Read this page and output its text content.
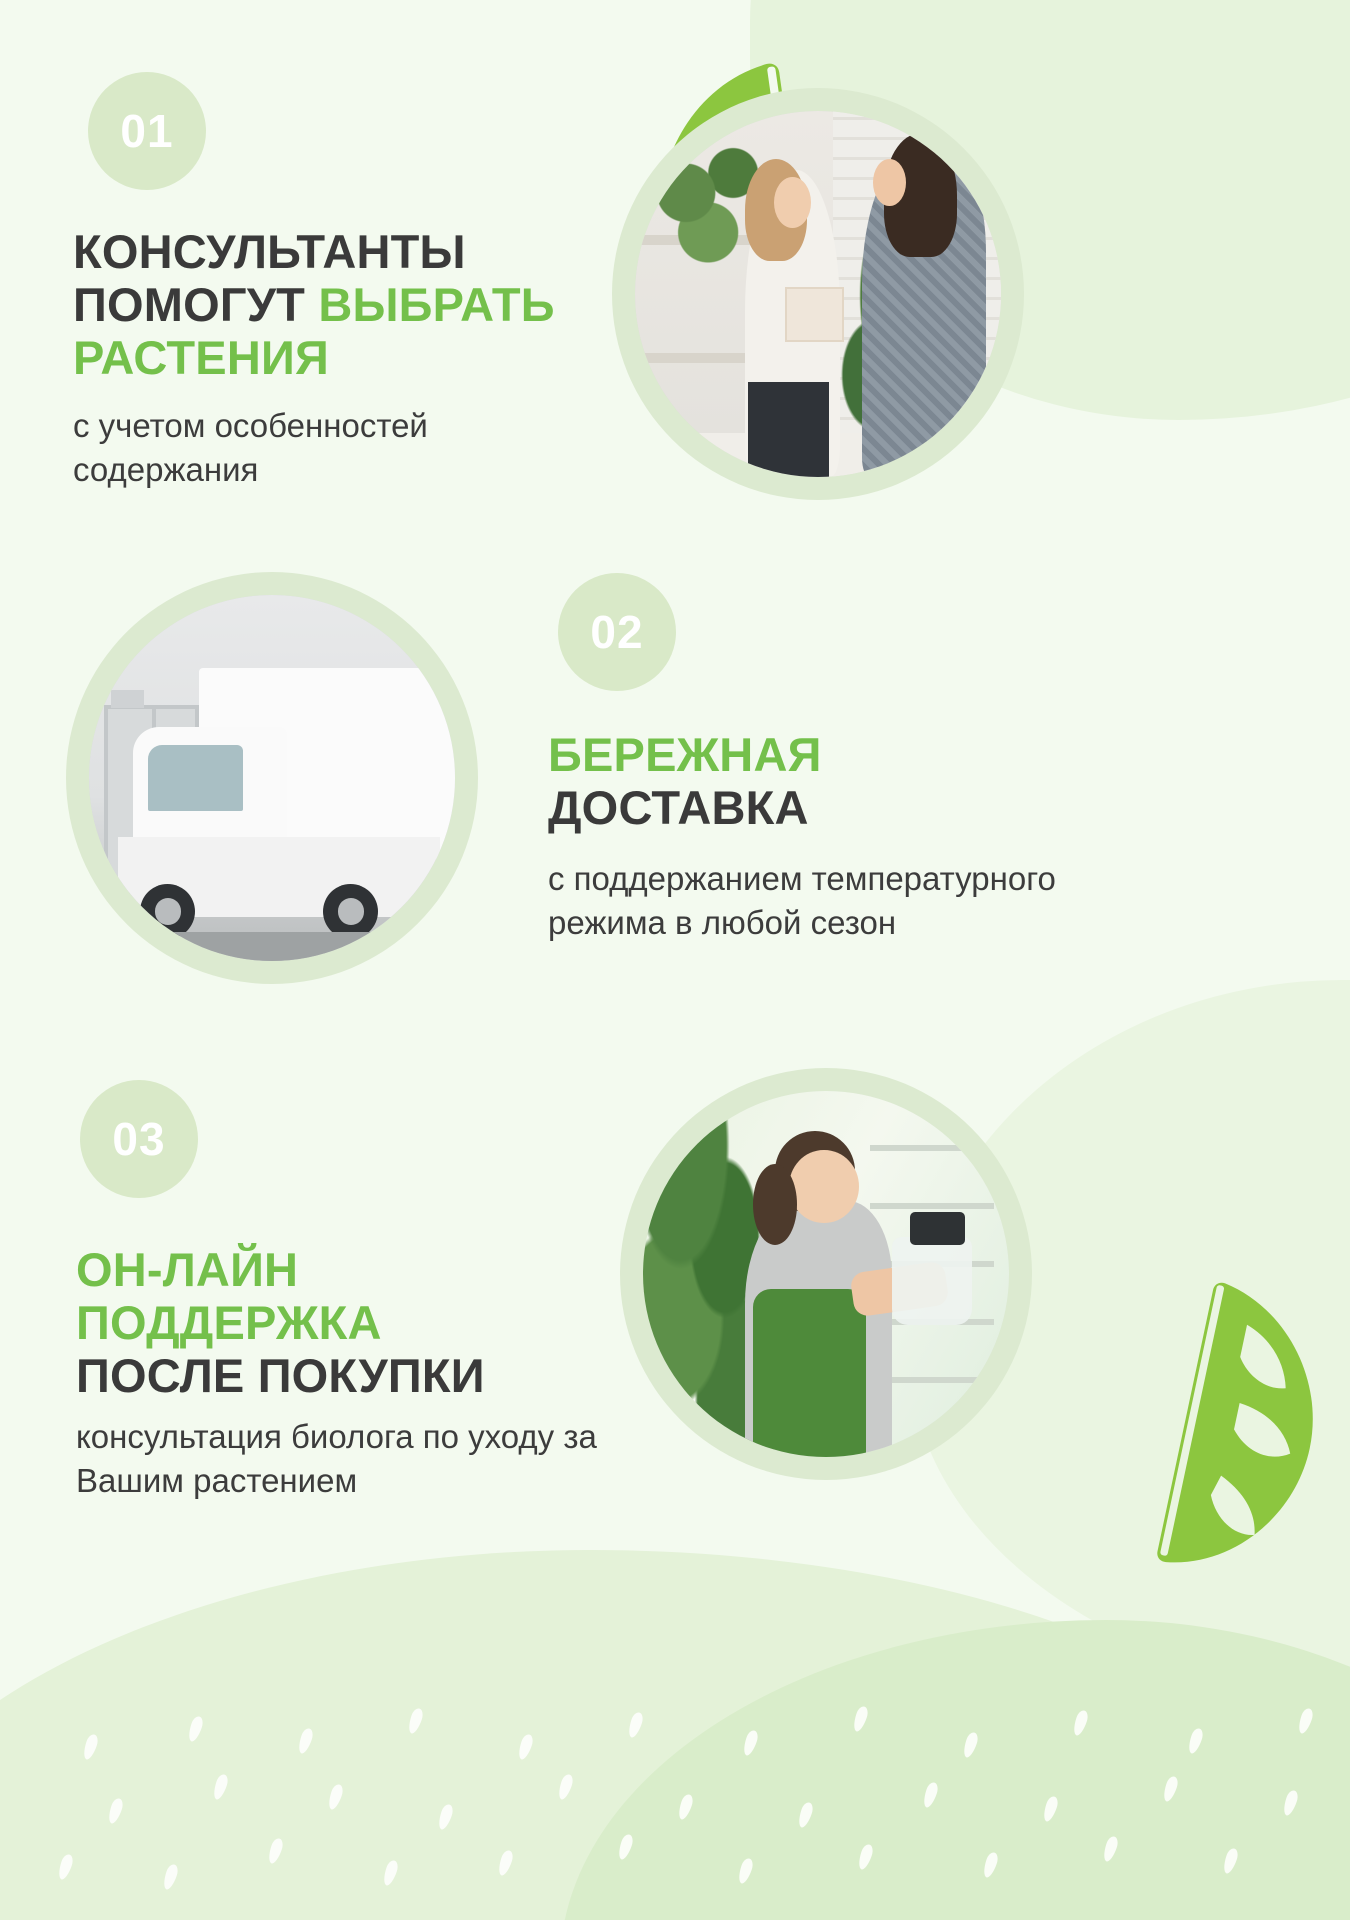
01
КОНСУЛЬТАНТЫ
ПОМОГУТ ВЫБРАТЬ
РАСТЕНИЯ

с учетом особенностей содержания

02
БЕРЕЖНАЯ
ДОСТАВКА

с поддержанием температурного режима в любой сезон

03
ОН-ЛАЙН
ПОДДЕРЖКА
ПОСЛЕ ПОКУПКИ

консультация биолога по уходу за Вашим растением
